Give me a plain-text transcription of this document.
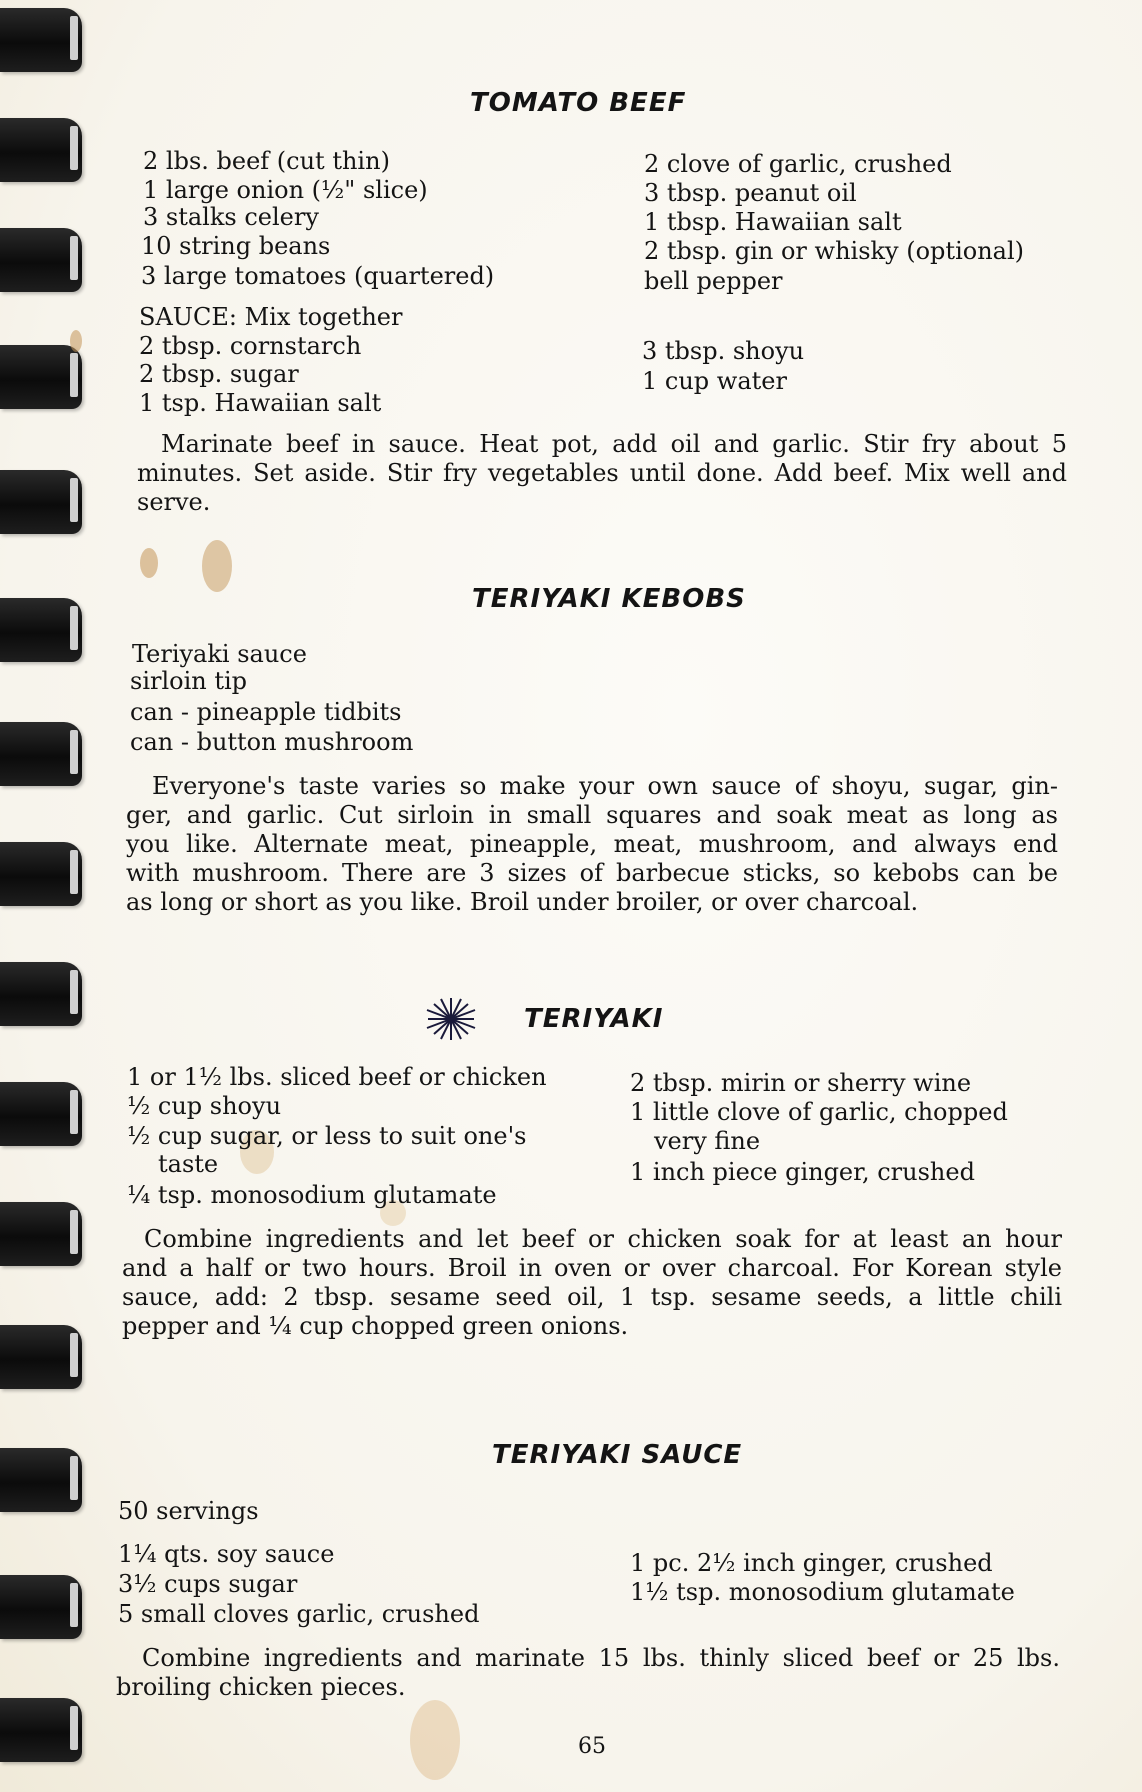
TOMATO BEEF
2 lbs. beef (cut thin)
1 large onion (½" slice)
3 stalks celery
10 string beans
3 large tomatoes (quartered)
2 clove of garlic, crushed
3 tbsp. peanut oil
1 tbsp. Hawaiian salt
2 tbsp. gin or whisky (optional)
bell pepper
SAUCE: Mix together
2 tbsp. cornstarch
2 tbsp. sugar
1 tsp. Hawaiian salt
3 tbsp. shoyu
1 cup water
Marinate beef in sauce. Heat pot, add oil and garlic. Stir fry about 5
minutes. Set aside. Stir fry vegetables until done. Add beef. Mix well and
serve.
TERIYAKI KEBOBS
Teriyaki sauce
sirloin tip
can - pineapple tidbits
can - button mushroom
Everyone's taste varies so make your own sauce of shoyu, sugar, gin-
ger, and garlic. Cut sirloin in small squares and soak meat as long as
you like. Alternate meat, pineapple, meat, mushroom, and always end
with mushroom. There are 3 sizes of barbecue sticks, so kebobs can be
as long or short as you like. Broil under broiler, or over charcoal.
TERIYAKI
1 or 1½ lbs. sliced beef or chicken
½ cup shoyu
½ cup sugar, or less to suit one's
taste
¼ tsp. monosodium glutamate
2 tbsp. mirin or sherry wine
1 little clove of garlic, chopped
very fine
1 inch piece ginger, crushed
Combine ingredients and let beef or chicken soak for at least an hour
and a half or two hours. Broil in oven or over charcoal. For Korean style
sauce, add: 2 tbsp. sesame seed oil, 1 tsp. sesame seeds, a little chili
pepper and ¼ cup chopped green onions.
TERIYAKI SAUCE
50 servings
1¼ qts. soy sauce
3½ cups sugar
5 small cloves garlic, crushed
1 pc. 2½ inch ginger, crushed
1½ tsp. monosodium glutamate
Combine ingredients and marinate 15 lbs. thinly sliced beef or 25 lbs.
broiling chicken pieces.
65
